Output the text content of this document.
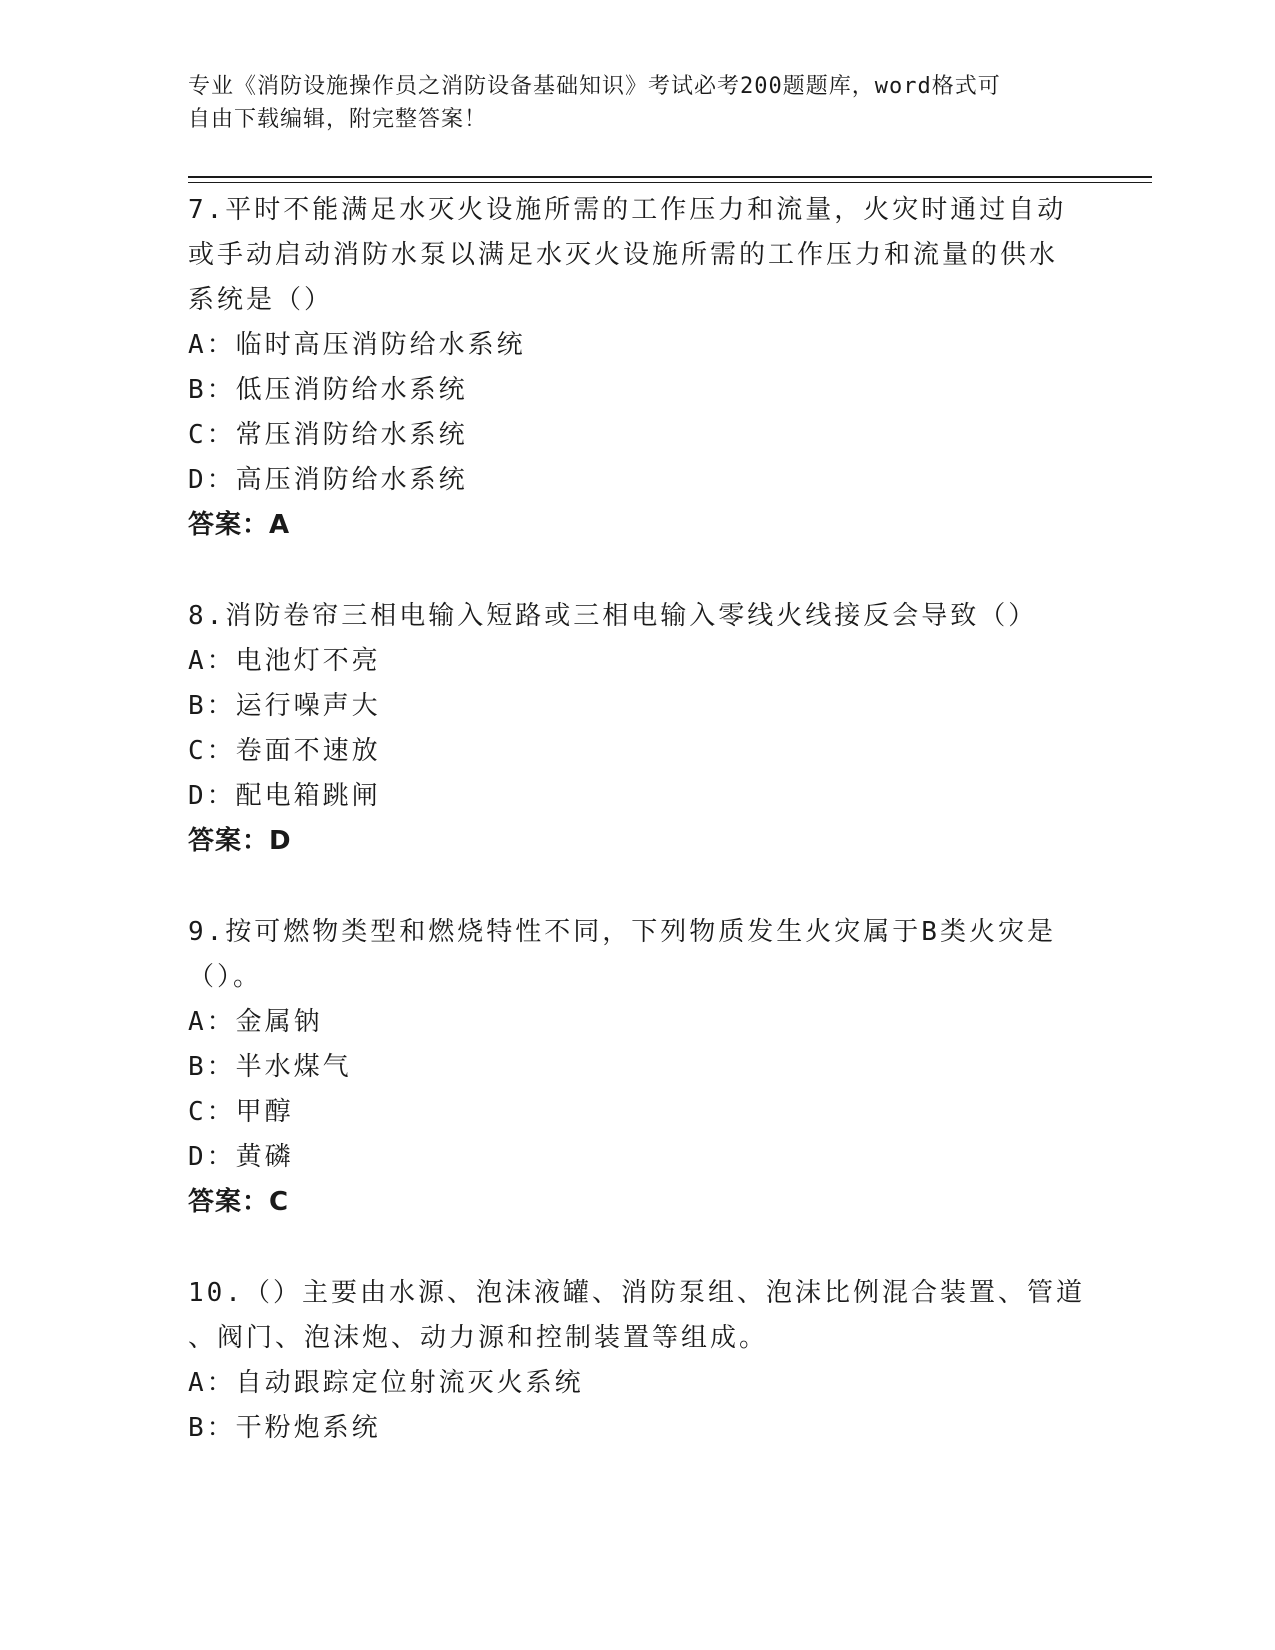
专业《消防设施操作员之消防设备基础知识》考试必考200题题库，word格式可
自由下载编辑，附完整答案！
7.平时不能满足水灭火设施所需的工作压力和流量，火灾时通过自动
或手动启动消防水泵以满足水灭火设施所需的工作压力和流量的供水
系统是（）
A：临时高压消防给水系统
B：低压消防给水系统
C：常压消防给水系统
D：高压消防给水系统
答案：A
8.消防卷帘三相电输入短路或三相电输入零线火线接反会导致（）
A：电池灯不亮
B：运行噪声大
C：卷面不速放
D：配电箱跳闸
答案：D
9.按可燃物类型和燃烧特性不同，下列物质发生火灾属于B类火灾是
（）。
A：金属钠
B：半水煤气
C：甲醇
D：黄磷
答案：C
10.（）主要由水源、泡沫液罐、消防泵组、泡沫比例混合装置、管道
、阀门、泡沫炮、动力源和控制装置等组成。
A：自动跟踪定位射流灭火系统
B：干粉炮系统
